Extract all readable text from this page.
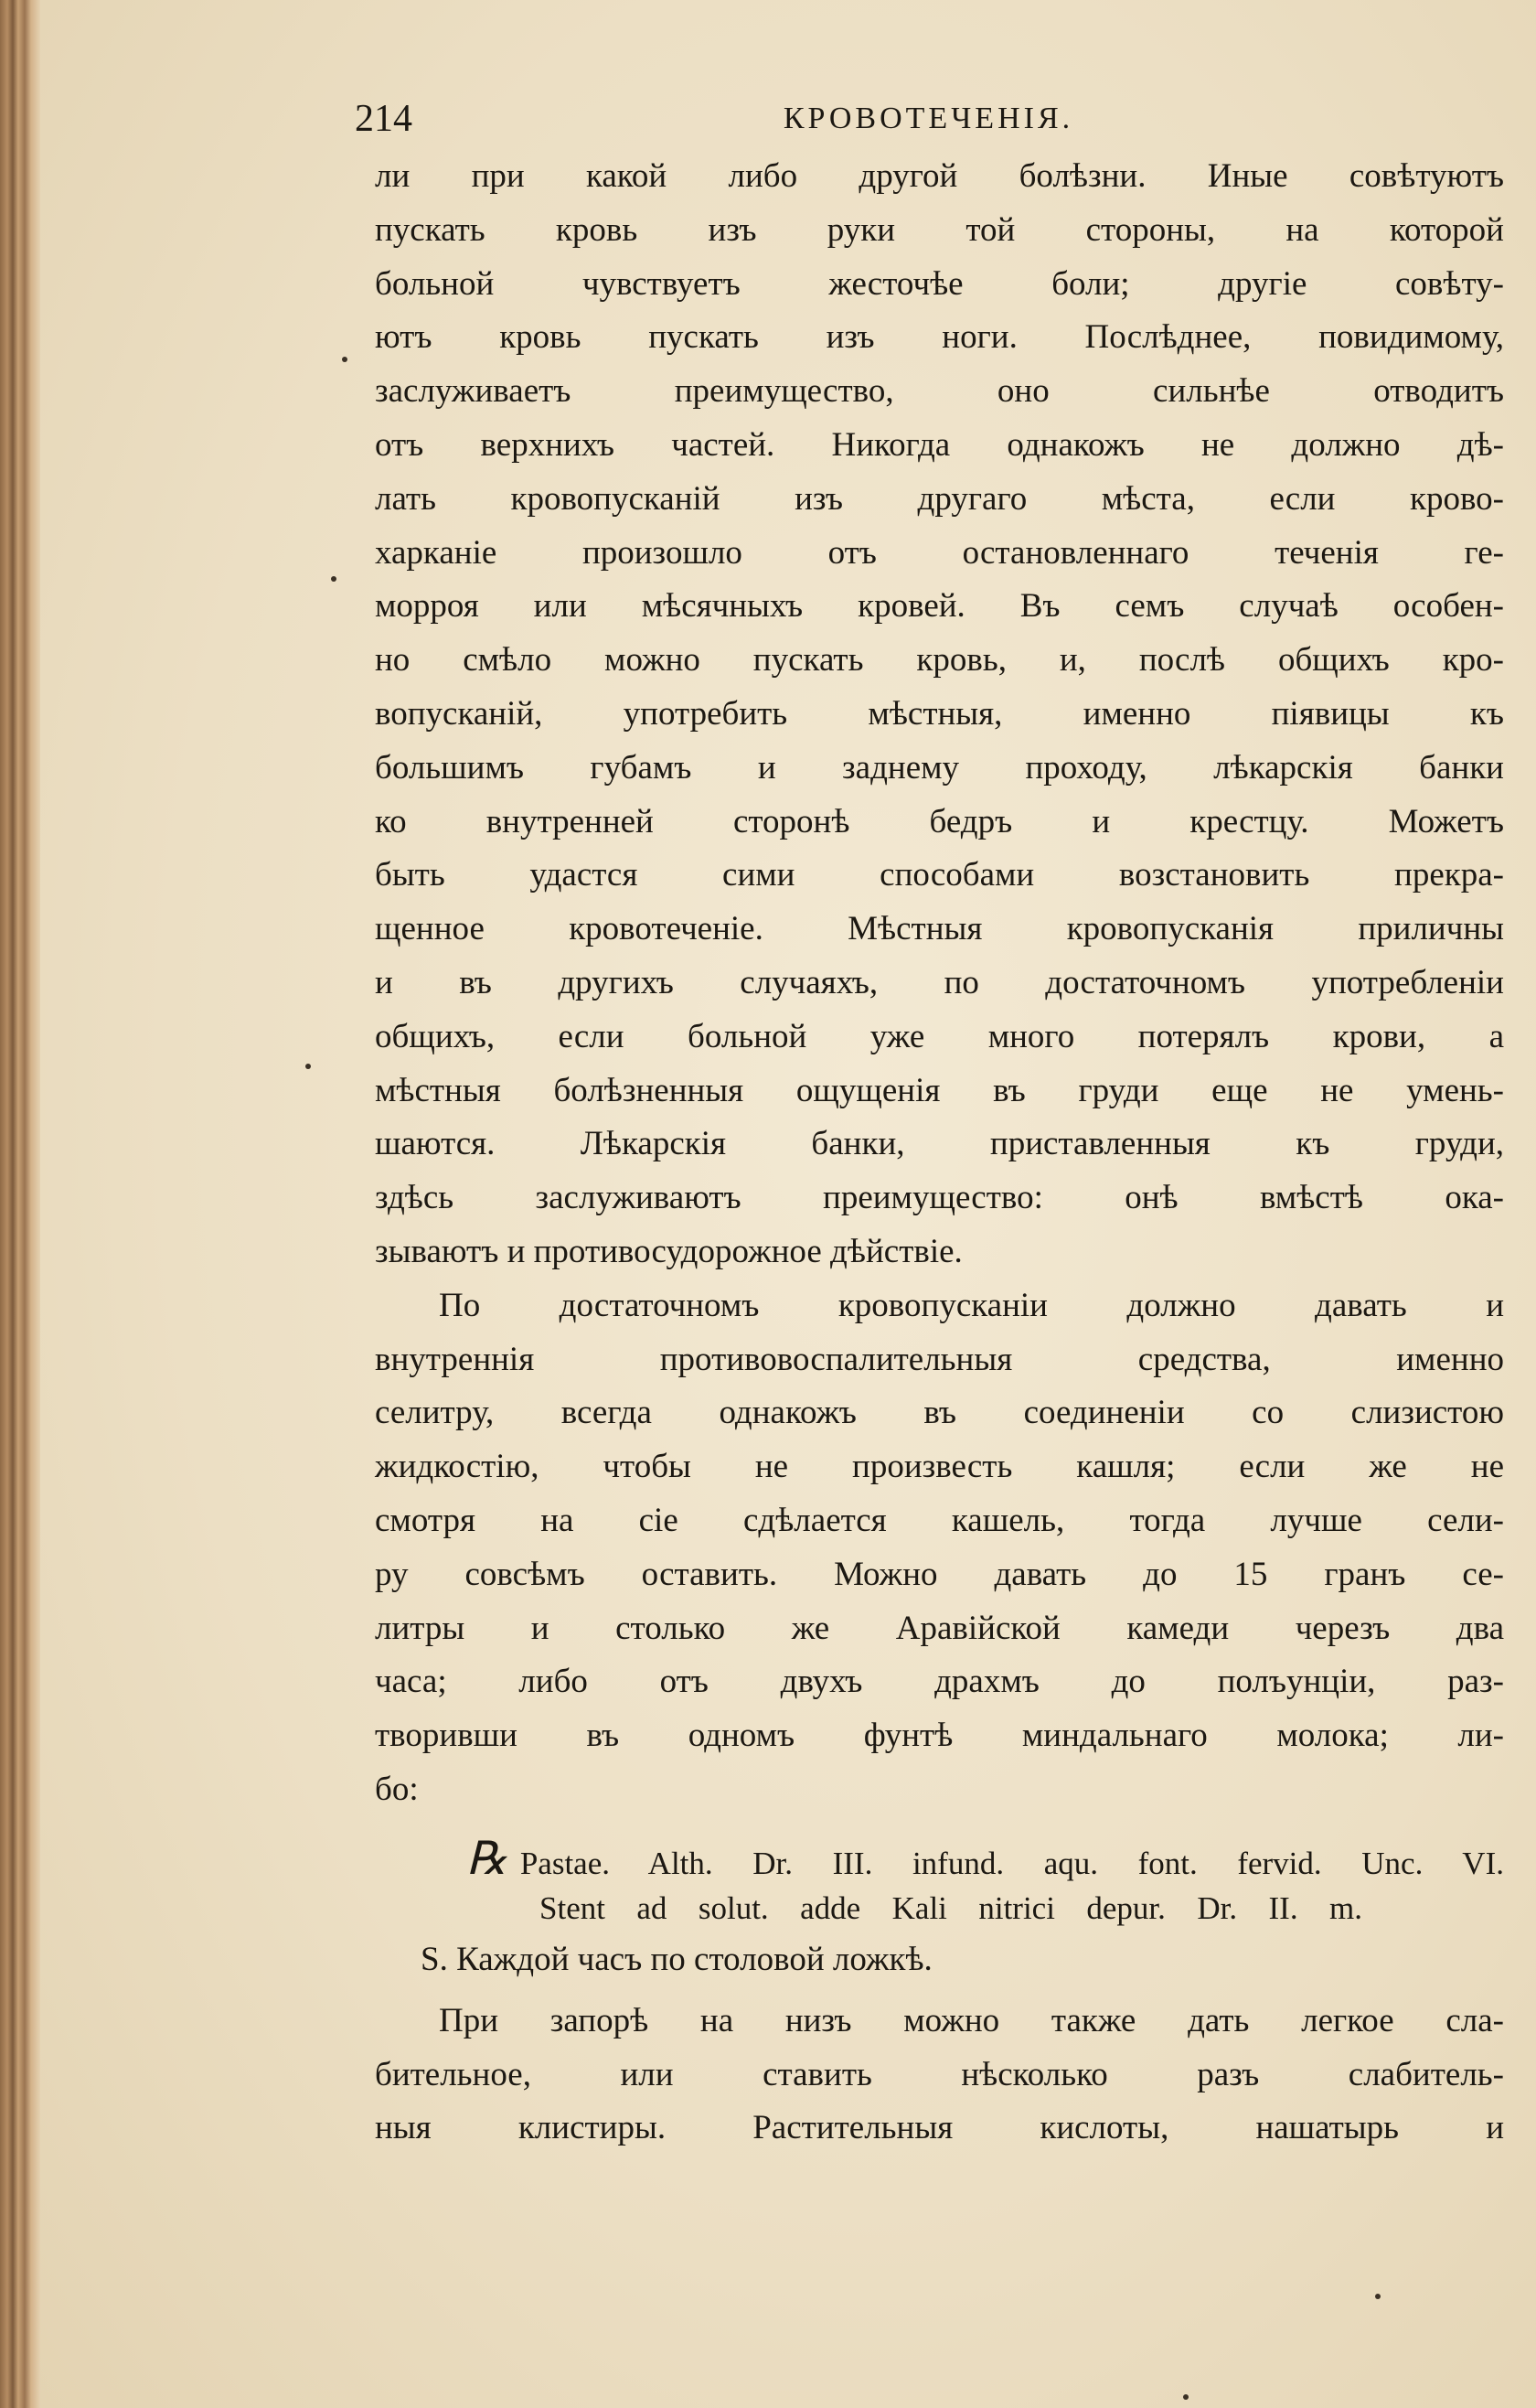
214	КРОВОТЕЧЕНІЯ.
ли при какой либо другой болѣзни. Иные совѣтуютъ
пускать кровь изъ руки той стороны, на которой
больной чувствуетъ жесточѣе боли; другіе совѣту-
ютъ кровь пускать изъ ноги. Послѣднее, повидимому,
заслуживаетъ преимущество, оно сильнѣе отводитъ
отъ верхнихъ частей. Никогда однакожъ не должно дѣ-
лать кровопусканій изъ другаго мѣста, если крово-
харканіе произошло отъ остановленнаго теченія ге-
морроя или мѣсячныхъ кровей. Въ семъ случаѣ особен-
но смѣло можно пускать кровь, и, послѣ общихъ кро-
вопусканій, употребить мѣстныя, именно піявицы къ
большимъ губамъ и заднему проходу, лѣкарскія банки
ко внутренней сторонѣ бедръ и крестцу. Можетъ
быть удастся сими способами возстановить прекра-
щенное кровотеченіе. Мѣстныя кровопусканія приличны
и въ другихъ случаяхъ, по достаточномъ употребленіи
общихъ, если больной уже много потерялъ крови, а
мѣстныя болѣзненныя ощущенія въ груди еще не умень-
шаются. Лѣкарскія банки, приставленныя къ груди,
здѣсь заслуживаютъ преимущество: онѣ вмѣстѣ ока-
зываютъ и противосудорожное дѣйствіе.
По достаточномъ кровопусканіи должно давать и
внутреннія противовоспалительныя средства, именно
селитру, всегда однакожъ въ соединеніи со слизистою
жидкостію, чтобы не произвесть кашля; если же не
смотря на сіе сдѣлается кашель, тогда лучше сели-
ру совсѣмъ оставить. Можно давать до 15 гранъ се-
литры и столько же Аравійской камеди черезъ два
часа; либо отъ двухъ драхмъ до полъунціи, раз-
творивши въ одномъ фунтѣ миндальнаго молока; ли-
бо:
℞ Pastae. Alth. Dr. III. infund. aqu. font. fervid. Unc. VI.
Stent ad solut. adde Kali nitrici depur. Dr. II. m.
S. Каждой часъ по столовой ложкѣ.
При запорѣ на низъ можно также дать легкое сла-
бительное, или ставить нѣсколько разъ слабитель-
ныя клистиры. Растительныя кислоты, нашатырь и
